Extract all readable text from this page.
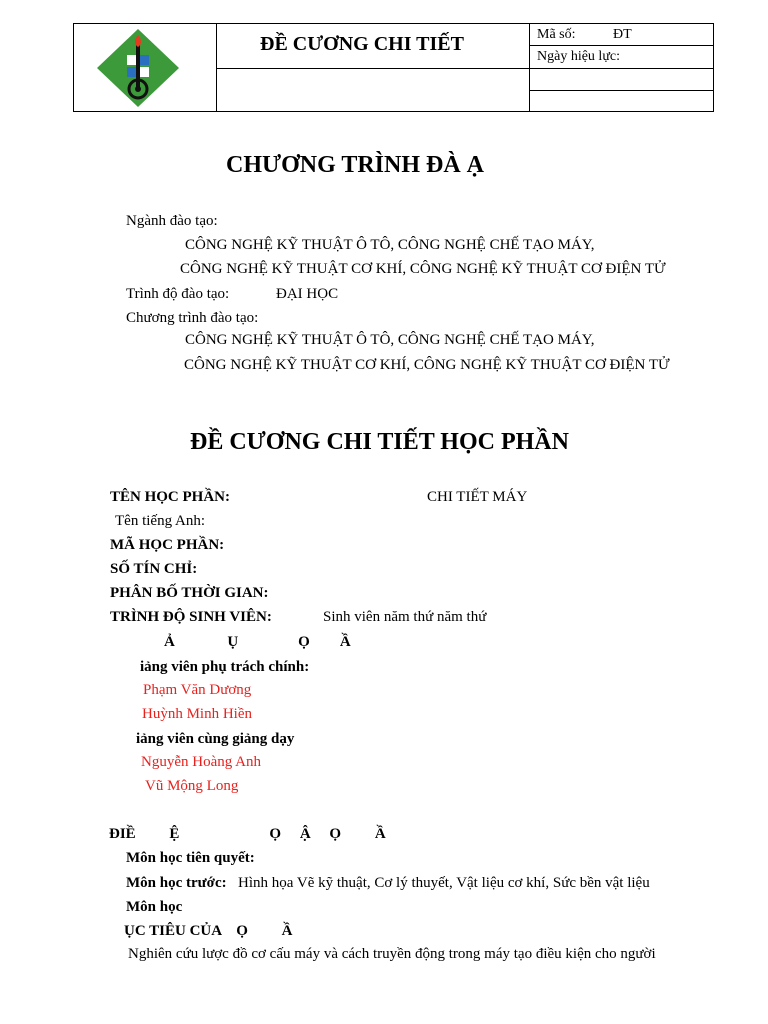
ĐỀ CƯƠNG CHI TIẾT	Mã số:	ĐT
Ngày hiệu lực:
CHƯƠNG TRÌNH ĐÀ Ạ
Ngành đào tạo:
CÔNG NGHỆ KỸ THUẬT Ô TÔ, CÔNG NGHỆ CHẾ TẠO MÁY,
CÔNG NGHỆ KỸ THUẬT CƠ KHÍ, CÔNG NGHỆ KỸ THUẬT CƠ ĐIỆN TỬ
Trình độ đào tạo:	ĐẠI HỌC
Chương trình đào tạo:
CÔNG NGHỆ KỸ THUẬT Ô TÔ, CÔNG NGHỆ CHẾ TẠO MÁY,
CÔNG NGHỆ KỸ THUẬT CƠ KHÍ, CÔNG NGHỆ KỸ THUẬT CƠ ĐIỆN TỬ
ĐỀ CƯƠNG CHI TIẾT HỌC PHẦN
TÊN HỌC PHẦN:	CHI TIẾT MÁY
Tên tiếng Anh:
MÃ HỌC PHẦN:
SỐ TÍN CHỈ:
PHÂN BỐ THỜI GIAN:
TRÌNH ĐỘ SINH VIÊN:	Sinh viên năm thứ năm thứ
Ả              Ụ                Ọ        Ầ
iảng viên phụ trách chính:
Phạm Văn Dương
Huỳnh Minh Hiền
iảng viên cùng giảng dạy
Nguyễn Hoàng Anh
Vũ Mộng Long
ĐIỀ         Ệ                        Ọ     Ậ     Ọ         Ầ
Môn học tiên quyết:
Môn học trước: Hình họa Vẽ kỹ thuật, Cơ lý thuyết, Vật liệu cơ khí, Sức bền vật liệu
Môn học
ỤC TIÊU CỦA    Ọ         Ầ
Nghiên cứu lược đồ cơ cấu máy và cách truyền động trong máy tạo điều kiện cho người
